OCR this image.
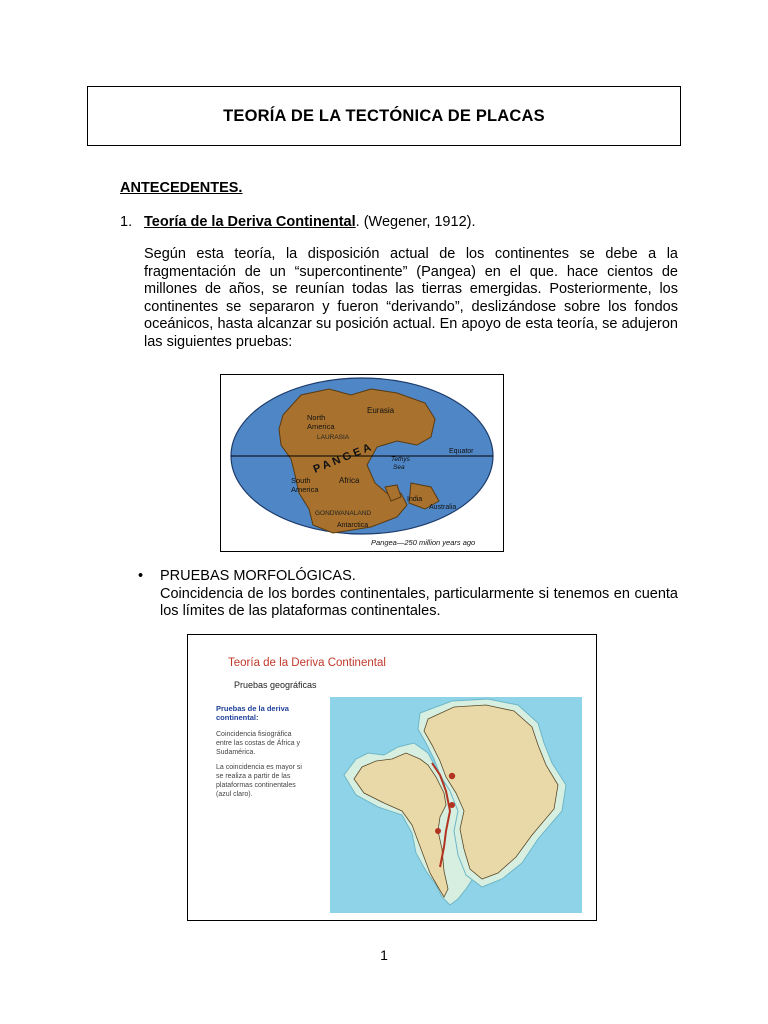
TEORÍA DE LA TECTÓNICA DE PLACAS
ANTECEDENTES.
1. Teoría de la Deriva Continental. (Wegener, 1912).
Según esta teoría, la disposición actual de los continentes se debe a la fragmentación de un “supercontinente” (Pangea) en el que. hace cientos de millones de años, se reunían todas las tierras emergidas. Posteriormente, los continentes se separaron y fueron “derivando”, deslizándose sobre los fondos oceánicos, hasta alcanzar su posición actual. En apoyo de esta teoría, se adujeron las siguientes pruebas:
Eurasia
North
America
LAURASIA
PANGEA	Equator
Tethys
Sea
South
America
Africa
India
GONDWANALAND
Australia
Antarctica
Pangea—250 million years ago
• PRUEBAS MORFOLÓGICAS.
Coincidencia de los bordes continentales, particularmente si tenemos en cuenta los límites de las plataformas continentales.
Teoría de la Deriva Continental
Pruebas geográficas
Pruebas de la deriva
continental:
Coincidencia fisiográfica
entre las costas de África y
Sudamérica.
La coincidencia es mayor si
se realiza a partir de las
plataformas continentales
(azul claro).
1
